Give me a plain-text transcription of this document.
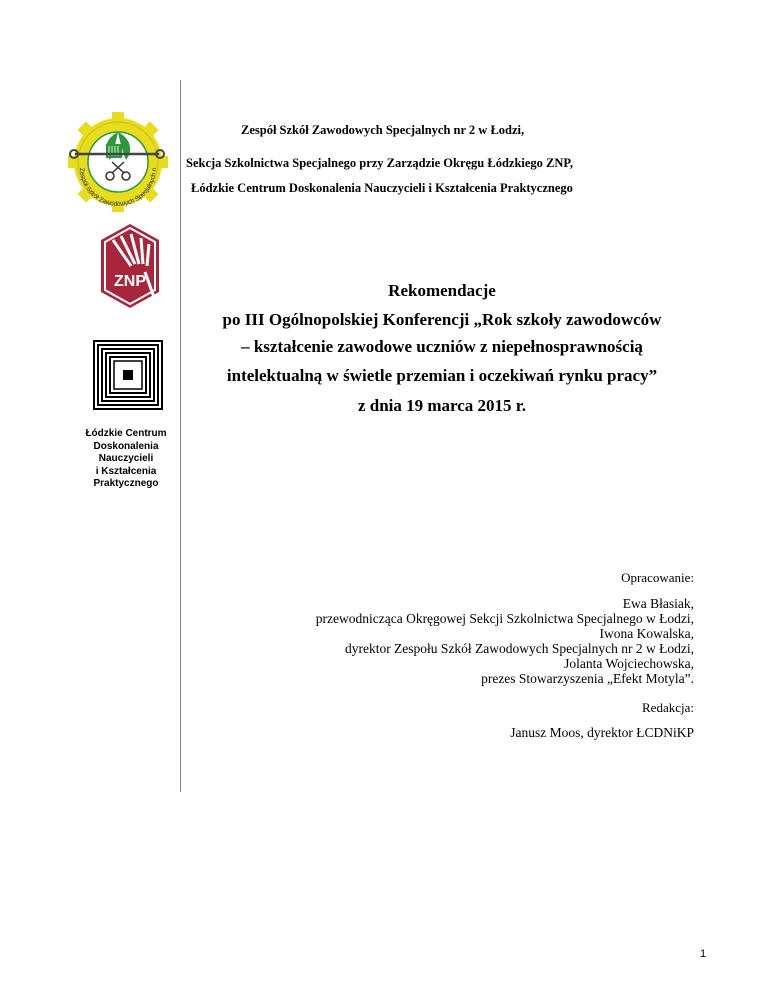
Zespół Szkół Zawodowych Specjalnych n
ZNP
Łódzkie Centrum
Doskonalenia
Nauczycieli
i Kształcenia
Praktycznego
Zespół Szkół Zawodowych Specjalnych nr 2 w Łodzi,
Sekcja Szkolnictwa Specjalnego przy Zarządzie Okręgu Łódzkiego ZNP,
Łódzkie Centrum Doskonalenia Nauczycieli i Kształcenia Praktycznego
Rekomendacje
po III Ogólnopolskiej Konferencji „Rok szkoły zawodowców
– kształcenie zawodowe uczniów z niepełnosprawnością
intelektualną w świetle przemian i oczekiwań rynku pracy”
z dnia 19 marca 2015 r.
Opracowanie:
Ewa Błasiak,
przewodnicząca Okręgowej Sekcji Szkolnictwa Specjalnego w Łodzi,
Iwona Kowalska,
dyrektor Zespołu Szkół Zawodowych Specjalnych nr 2 w Łodzi,
Jolanta Wojciechowska,
prezes Stowarzyszenia „Efekt Motyla”.
Redakcja:
Janusz Moos, dyrektor ŁCDNiKP
1
